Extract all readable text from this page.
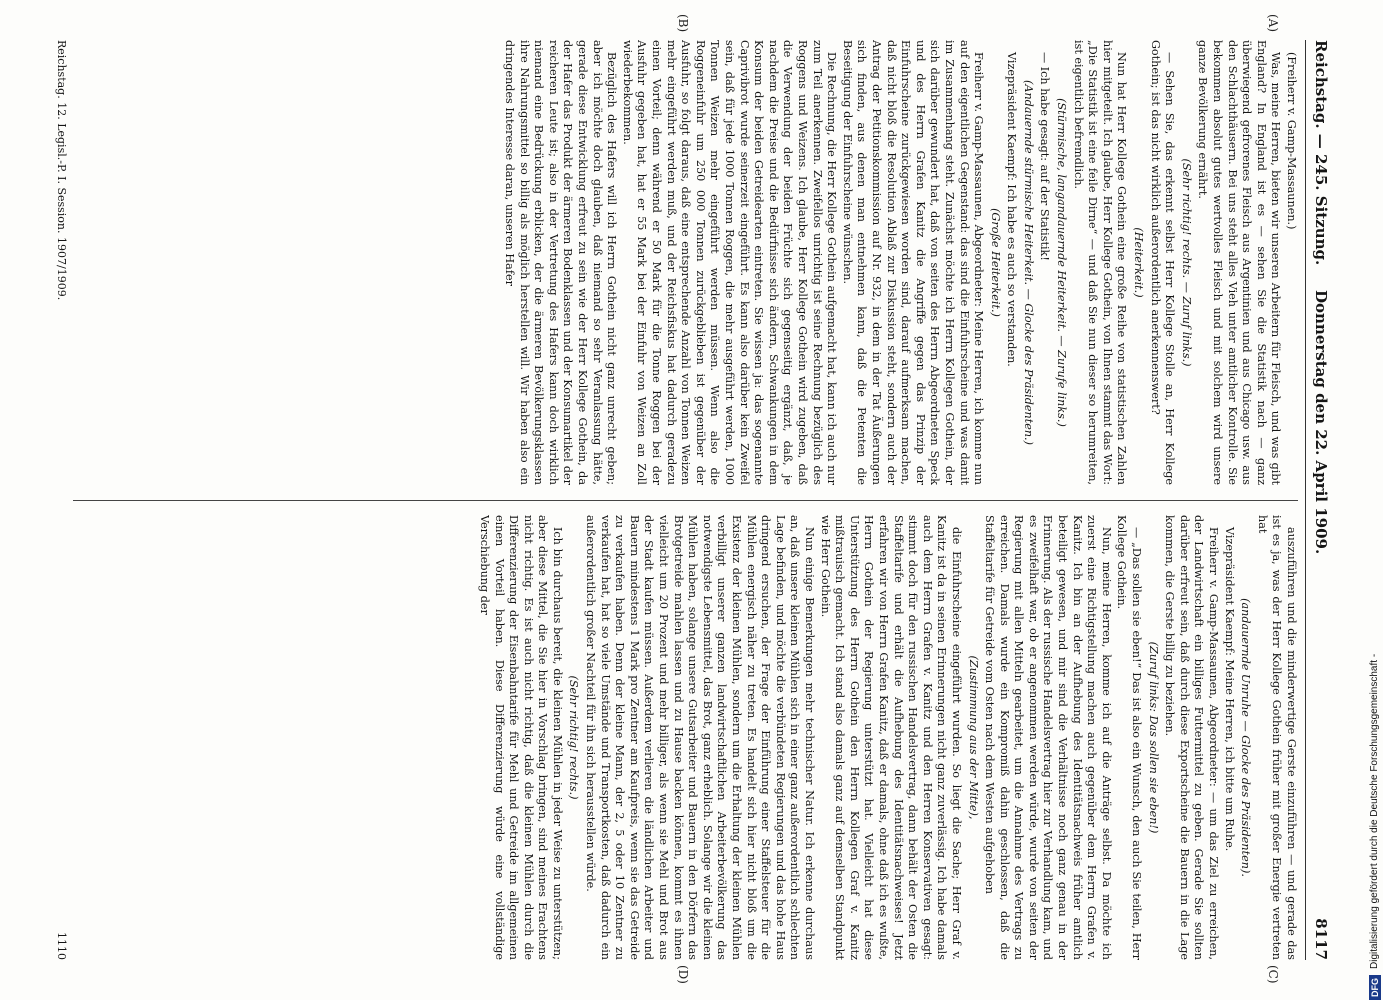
DFG
Digitalisierung gefördert durch die Deutsche Forschungsgemeinschaft -
Reichstag. — 245. Sitzung.
Donnerstag den 22. April 1909.
8117
(A)
(B)
(C)
(D)

(Freiherr v. Gamp-Massaunen.)

Was, meine Herren, bieten wir unseren Arbeitern für Fleisch, und was gibt England? In England ist es — sehen Sie die Statistik nach — ganz überwiegend gefrorenes Fleisch aus Argentinien und aus Chicago usw. aus den Schlachthäusern. Bei uns steht alles Vieh unter amtlicher Kontrolle. Sie bekommen absolut gutes wertvolles Fleisch und mit solchem wird unsere ganze Bevölkerung ernährt.

(Sehr richtig! rechts. — Zuruf links.)

— Sehen Sie, das erkennt selbst Herr Kollege Stolle an, Herr Kollege Gothein; ist das nicht wirklich außerordentlich anerkennenswert?

(Heiterkeit.)

Nun hat Herr Kollege Gothein eine große Reihe von statistischen Zahlen hier mitgeteilt. Ich glaube, Herr Kollege Gothein, von Ihnen stammt das Wort: „Die Statistik ist eine feile Dirne“ — und daß Sie nun dieser so herumreiten, ist eigentlich befremdlich.

(Stürmische, langandauernde Heiterkeit. — Zurufe links.)

— Ich habe gesagt: auf der Statistik!

(Andauernde stürmische Heiterkeit. — Glocke des Präsidenten.)

Vizepräsident Kaempf: Ich habe es auch so verstanden.

(Große Heiterkeit.)

Freiherr v. Gamp-Massaunen, Abgeordneter: Meine Herren, ich komme nun auf den eigentlichen Gegenstand: das sind die Einfuhrscheine und was damit im Zusammenhang steht. Zunächst möchte ich Herrn Kollegen Gothein, der sich darüber gewundert hat, daß von seiten des Herrn Abgeordneten Speck und des Herrn Grafen Kanitz die Angriffe gegen das Prinzip der Einfuhrscheine zurückgewiesen worden sind, darauf aufmerksam machen, daß nicht bloß die Resolution Ablaß zur Diskussion steht, sondern auch der Antrag der Petitionskommission auf Nr. 932, in dem in der Tat Äußerungen sich finden, aus denen man entnehmen kann, daß die Petenten die Beseitigung der Einfuhrscheine wünschen.

Die Rechnung, die Herr Kollege Gothein aufgemacht hat, kann ich auch nur zum Teil anerkennen. Zweifellos unrichtig ist seine Rechnung bezüglich des Roggens und Weizens. Ich glaube, Herr Kollege Gothein wird zugeben, daß die Verwendung der beiden Früchte sich gegenseitig ergänzt, daß, je nachdem die Preise und die Bedürfnisse sich ändern, Schwankungen in dem Konsum der beiden Getreidearten eintreten. Sie wissen ja: das sogenannte Caprivibrot wurde seinerzeit eingeführt. Es kann also darüber kein Zweifel sein, daß für jede 1000 Tonnen Roggen, die mehr ausgeführt werden, 1000 Tonnen Weizen mehr eingeführt werden müssen. Wenn also die Roggeneinfuhr um 250 000 Tonnen zurückgeblieben ist gegenüber der Ausfuhr, so folgt daraus, daß eine entsprechende Anzahl von Tonnen Weizen mehr eingeführt werden muß, und der Reichsfiskus hat dadurch geradezu einen Vorteil; denn während er 50 Mark für die Tonne Roggen bei der Ausfuhr gegeben hat, hat er 55 Mark bei der Einfuhr von Weizen an Zoll wiederbekommen.

Bezüglich des Hafers will ich Herrn Gothein nicht ganz unrecht geben; aber ich möchte doch glauben, daß niemand so sehr Veranlassung hätte, gerade diese Entwicklung erfreut zu sein wie der Herr Kollege Gothein, da der Hafer das Produkt der ärmeren Bodenklassen und der Konsumartikel der reicheren Leute ist; also in der Vertretung des Hafers kann doch wirklich niemand eine Bedrückung erblicken, der die ärmeren Bevölkerungsklassen ihre Nahrungsmittel so billig als möglich herstellen will. Wir haben also ein dringendes Interesse daran, unseren Hafer

auszuführen und die minderwertige Gerste einzuführen — und gerade das ist es ja, was der Herr Kollege Gothein früher mit großer Energie vertreten hat

(andauernde Unruhe — Glocke des Präsidenten).

Vizepräsident Kaempf: Meine Herren, ich bitte um Ruhe.

Freiherr v. Gamp-Massaunen, Abgeordneter: — um das Ziel zu erreichen, der Landwirtschaft ein billiges Futtermittel zu geben. Gerade Sie sollten darüber erfreut sein, daß durch diese Exportscheine die Bauern in die Lage kommen, die Gerste billig zu beziehen.

(Zuruf links: Das sollen sie eben!)

— „Das sollen sie eben!“ Das ist also ein Wunsch, den auch Sie teilen, Herr Kollege Gothein.

Nun, meine Herren, komme ich auf die Anträge selbst. Da möchte ich zuerst eine Richtigstellung machen auch gegenüber dem Herrn Grafen v. Kanitz. Ich bin an der Aufhebung des Identitätsnachweis früher amtlich beteiligt gewesen, und mir sind die Verhältnisse noch ganz genau in der Erinnerung. Als der russische Handelsvertrag hier zur Verhandlung kam, und es zweifelhaft war, ob er angenommen werden würde, wurde von seiten der Regierung mit allen Mitteln gearbeitet, um die Annahme des Vertrags zu erreichen. Damals wurde ein Kompromiß dahin geschlossen, daß die Staffeltarife für Getreide vom Osten nach dem Westen aufgehoben

(Zustimmung aus der Mitte),

die Einfuhrscheine eingeführt wurden. So liegt die Sache; Herr Graf v. Kanitz ist da in seinen Erinnerungen nicht ganz zuverlässig. Ich habe damals auch dem Herrn Grafen v. Kanitz und den Herren Konservativen gesagt: stimmt doch für den russischen Handelsvertrag, dann behält der Osten die Staffeltarife und erhält die Aufhebung des Identitätsnachweises! Jetzt erfahren wir von Herrn Grafen Kanitz, daß er damals, ohne daß ich es wußte, Herrn Gothein der Regierung unterstützt hat. Vielleicht hat diese Unterstützung des Herrn Gothein den Herrn Kollegen Graf v. Kanitz mißtrauisch gemacht. Ich stand also damals ganz auf demselben Standpunkt wie Herr Gothein.

Nun einige Bemerkungen mehr technischer Natur. Ich erkenne durchaus an, daß unsere kleinen Mühlen sich in einer ganz außerordentlich schlechten Lage befinden, und möchte die verbündeten Regierungen und das hohe Haus dringend ersuchen, der Frage der Einführung einer Staffelsteuer für die Mühlen energisch näher zu treten. Es handelt sich hier nicht bloß um die Existenz der kleinen Mühlen, sondern um die Erhaltung der kleinen Mühlen verbilligt unserer ganzen landwirtschaftlichen Arbeiterbevölkerung das notwendigste Lebensmittel, das Brot, ganz erheblich. Solange wir die kleinen Mühlen haben, solange unsere Gutsarbeiter und Bauern in den Dörfern das Brotgetreide mahlen lassen und zu Hause backen können, kommt es ihnen vielleicht um 20 Prozent und mehr billiger, als wenn sie Mehl und Brot aus der Stadt kaufen müssen. Außerdem verlieren die ländlichen Arbeiter und Bauern mindestens 1 Mark pro Zentner am Kaufpreis, wenn sie das Getreide zu verkaufen haben. Denn der kleine Mann, der 2, 5 oder 10 Zentner zu verkaufen hat, hat so viele Umstände und Transportkosten, daß dadurch ein außerordentlich großer Nachteil für ihn sich herausstellen würde.

(Sehr richtig! rechts.)

Ich bin durchaus bereit, die kleinen Mühlen in jeder Weise zu unterstützen; aber diese Mittel, die Sie hier in Vorschlag bringen, sind meines Erachtens nicht richtig. Es ist auch nicht richtig, daß die kleinen Mühlen durch die Differenzierung der Eisenbahntarife für Mehl und Getreide im allgemeinen einen Vorteil haben. Diese Differenzierung würde eine vollständige Verschiebung der

Reichstag. 12. Legisl.-P. I. Session. 1907/1909.
1110
